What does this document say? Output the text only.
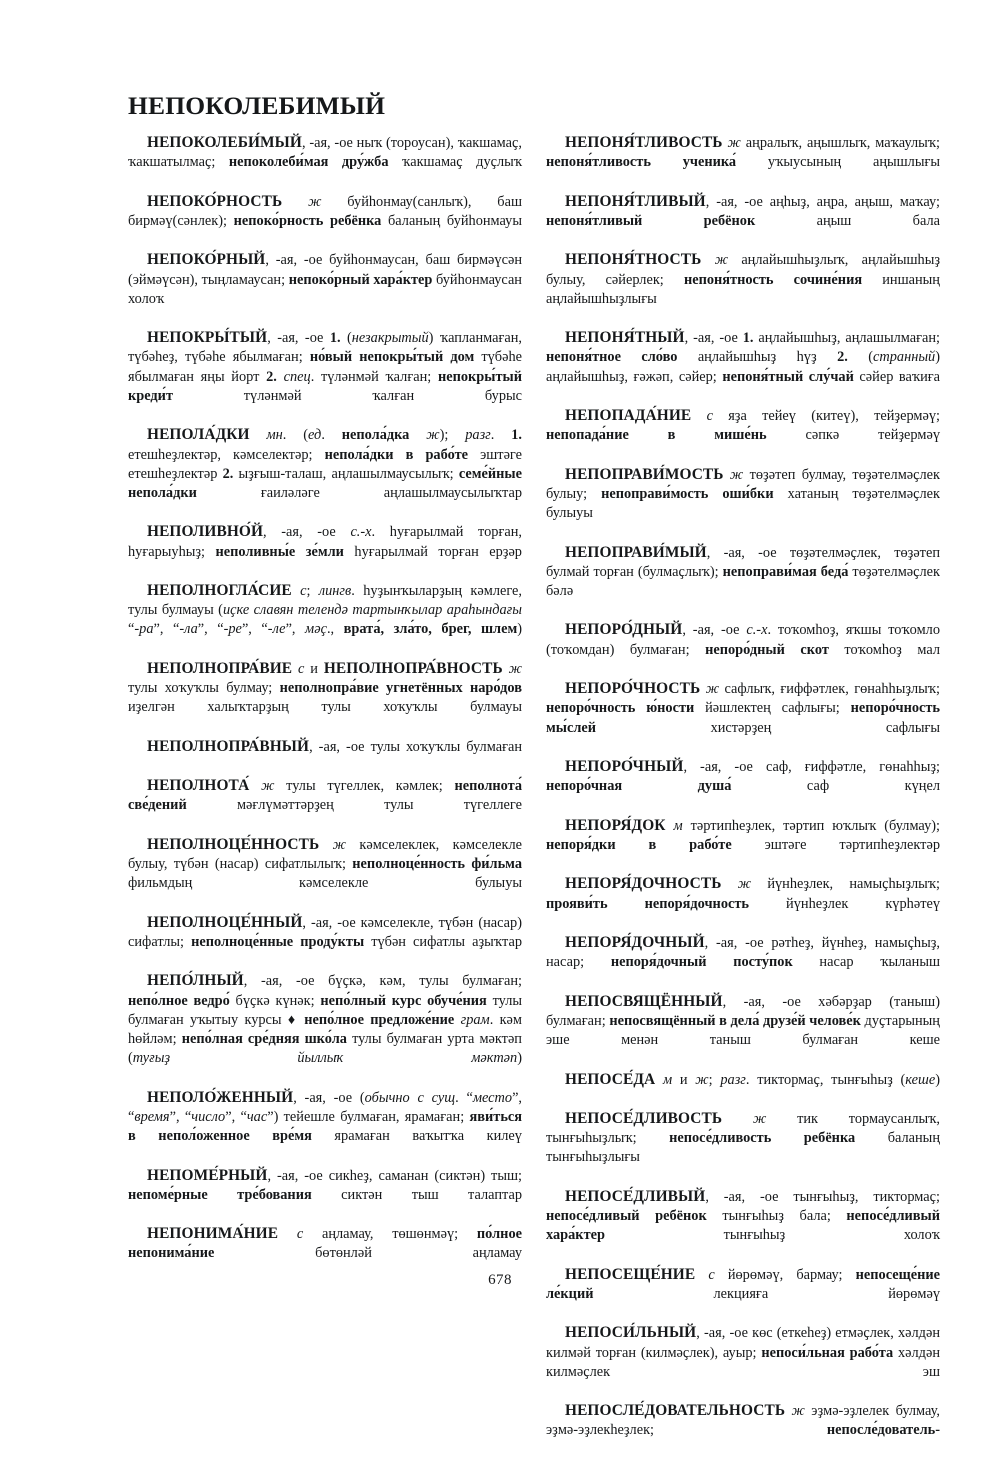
НЕПОКОЛЕБИМЫЙ

НЕПОКОЛЕБИ́МЫЙ, -ая, -ое ныҡ (тороусан), ҡакшамаҫ, ҡакшатылмаҫ; непоколеби́мая дру́жба ҡакшамаҫ дуҫлыҡ

НЕПОКО́РНОСТЬ ж буйһонмау(санлыҡ), баш бирмәү(сәнлек); непоко́рность ребёнка баланың буйһонмауы

НЕПОКО́РНЫЙ, -ая, -ое буйһонмаусан, баш бирмәүсән (эймәүсән), тыңламаусан; непоко́рный хара́ктер буйһонмаусан холоҡ

НЕПОКРЫ́ТЫЙ, -ая, -ое 1. (незакрытый) ҡапланмаған, түбәһеҙ, түбәһе ябылмаған; но́вый непокры́тый дом түбәһе ябылмаған яңы йорт 2. спец. түләнмәй ҡалған; непокры́тый креди́т түләнмәй ҡалған бурыс

НЕПОЛА́ДКИ мн. (ед. непола́дка ж); разг. 1. етешһеҙлектәр, кәмселектәр; непола́дки в рабо́те эштәге етешһеҙлектәр 2. ыҙғыш-талаш, аңлашылмаусылыҡ; семе́йные непола́дки ғаиләләге аңлашылмаусылыҡтар

НЕПОЛИВНО́Й, -ая, -ое с.-х. һуғарылмай торған, һуғарыуһыҙ; неполивны́е зе́мли һуғарылмай торған ерҙәр

НЕПОЛНОГЛА́СИЕ с; лингв. һуҙынҡыларҙың кәмлеге, тулы булмауы (иҫке славян телендә тартынҡылар араһындағы “-ра”, “-ла”, “-ре”, “-ле”, мәҫ., врата́, зла́то, брег, шлем)

НЕПОЛНОПРА́ВИЕ с и НЕПОЛНОПРА́ВНОСТЬ ж тулы хоҡуҡлы булмау; неполнопра́вие угнетённых наро́дов иҙелгән халыҡтарҙың тулы хоҡуҡлы булмауы

НЕПОЛНОПРА́ВНЫЙ, -ая, -ое тулы хоҡуҡлы булмаған

НЕПОЛНОТА́ ж тулы түгеллек, кәмлек; неполнота́ све́дений мәғлүмәттәрҙең тулы түгеллеге

НЕПОЛНОЦЕ́ННОСТЬ ж кәмселеклек, кәмселекле булыу, түбән (насар) сифатлылыҡ; неполноце́нность фи́льма фильмдың кәмселекле булыуы

НЕПОЛНОЦЕ́ННЫЙ, -ая, -ое кәмселекле, түбән (насар) сифатлы; неполноце́нные проду́кты түбән сифатлы аҙыҡтар

НЕПО́ЛНЫЙ, -ая, -ое бүҫкә, кәм, тулы булмаған; непо́лное ведро́ бүҫкә күнәк; непо́лный курс обуче́ния тулы булмаған уҡытыу курсы ♦ непо́лное предложе́ние грам. кәм һөйләм; непо́лная сре́дняя шко́ла тулы булмаған урта мәктәп (туғыҙ йыллыҡ мәктәп)

НЕПОЛО́ЖЕННЫЙ, -ая, -ое (обычно с сущ. “место”, “время”, “число”, “час”) тейешле булмаған, ярамаған; яви́ться в непол́оженное вре́мя ярамаған ваҡытҡа килеү

НЕПОМЕ́РНЫЙ, -ая, -ое сикһеҙ, саманан (сиктән) тыш; непоме́рные тре́бования сиктән тыш талаптар

НЕПОНИМА́НИЕ с аңламау, төшөнмәү; по́лное непонима́ние бөтөнләй аңламау

НЕПОНЯ́ТЛИВОСТЬ ж аңралыҡ, аңышлыҡ, маҡаулыҡ; непоня́тливость ученика́ уҡыусының аңышлығы

НЕПОНЯ́ТЛИВЫЙ, -ая, -ое аңһыҙ, аңра, аңыш, маҡау; непоня́тливый ребёнок аңыш бала

НЕПОНЯ́ТНОСТЬ ж аңлайышһыҙлыҡ, аңлайышһыҙ булыу, сәйерлек; непоня́тность сочине́ния иншаның аңлайышһыҙлығы

НЕПОНЯ́ТНЫЙ, -ая, -ое 1. аңлайышһыҙ, аңлашылмаған; непоня́тное сло́во аңлайышһыҙ һүҙ 2. (странный) аңлайышһыҙ, ғәжәп, сәйер; непоня́тный слу́чай сәйер ваҡиға

НЕПОПАДА́НИЕ с яҙа тейеү (китеү), тейҙермәү; непопада́ние в мише́нь сәпкә тейҙермәү

НЕПОПРАВИ́МОСТЬ ж төҙәтеп булмау, төҙәтелмәҫлек булыу; непоправи́мость оши́бки хатаның төҙәтелмәҫлек булыуы

НЕПОПРАВИ́МЫЙ, -ая, -ое төҙәтелмәҫлек, төҙәтеп булмай торған (булмаҫлыҡ); непоправи́мая беда́ төҙәтелмәҫлек бәлә

НЕПОРО́ДНЫЙ, -ая, -ое с.-х. тоҡомһоҙ, яҡшы тоҡомло (тоҡомдан) булмаған; непоро́дный скот тоҡомһоҙ мал

НЕПОРО́ЧНОСТЬ ж сафлыҡ, ғиффәтлек, гөнаһһыҙлыҡ; непоро́чность ю́ности йәшлектең сафлығы; непоро́чность мы́слей хистәрҙең сафлығы

НЕПОРО́ЧНЫЙ, -ая, -ое саф, ғиффәтле, гөнаһһыҙ; непоро́чная душа́ саф күңел

НЕПОРЯ́ДОК м тәртипһеҙлек, тәртип юҡлыҡ (булмау); непоря́дки в рабо́те эштәге тәртипһеҙлектәр

НЕПОРЯ́ДОЧНОСТЬ ж йүнһеҙлек, намыҫһыҙлыҡ; прояви́ть непоря́дочность йүнһеҙлек күрһәтеү

НЕПОРЯ́ДОЧНЫЙ, -ая, -ое рәтһеҙ, йүнһеҙ, намыҫһыҙ, насар; непоря́дочный посту́пок насар ҡыланыш

НЕПОСВЯЩЁННЫЙ, -ая, -ое хәбәрҙар (таныш) булмаған; непосвящённый в дела́ друзе́й челове́к дуҫтарының эше менән таныш булмаған кеше

НЕПОСЕ́ДА м и ж; разг. тиктормаҫ, тынғыһыҙ (кеше)

НЕПОСЕ́ДЛИВОСТЬ ж тик тормаусанлыҡ, тынғыһыҙлыҡ; непосе́дливость ребёнка баланың тынғыһыҙлығы

НЕПОСЕ́ДЛИВЫЙ, -ая, -ое тынғыһыҙ, тиктормаҫ; непосе́дливый ребёнок тынғыһыҙ бала; непосе́дливый хара́ктер тынғыһыҙ холоҡ

НЕПОСЕЩЕ́НИЕ с йөрөмәү, бармау; непосеще́ние ле́кций лекцияға йөрөмәү

НЕПОСИ́ЛЬНЫЙ, -ая, -ое көс (еткеһеҙ) етмәҫлек, хәлдән килмәй торған (килмәҫлек), ауыр; непоси́льная рабо́та хәлдән килмәҫлек эш

НЕПОСЛЕ́ДОВАТЕЛЬНОСТЬ ж эҙмә-эҙлелек булмау, эҙмә-эҙлекһеҙлек; непосле́дователь-

678
